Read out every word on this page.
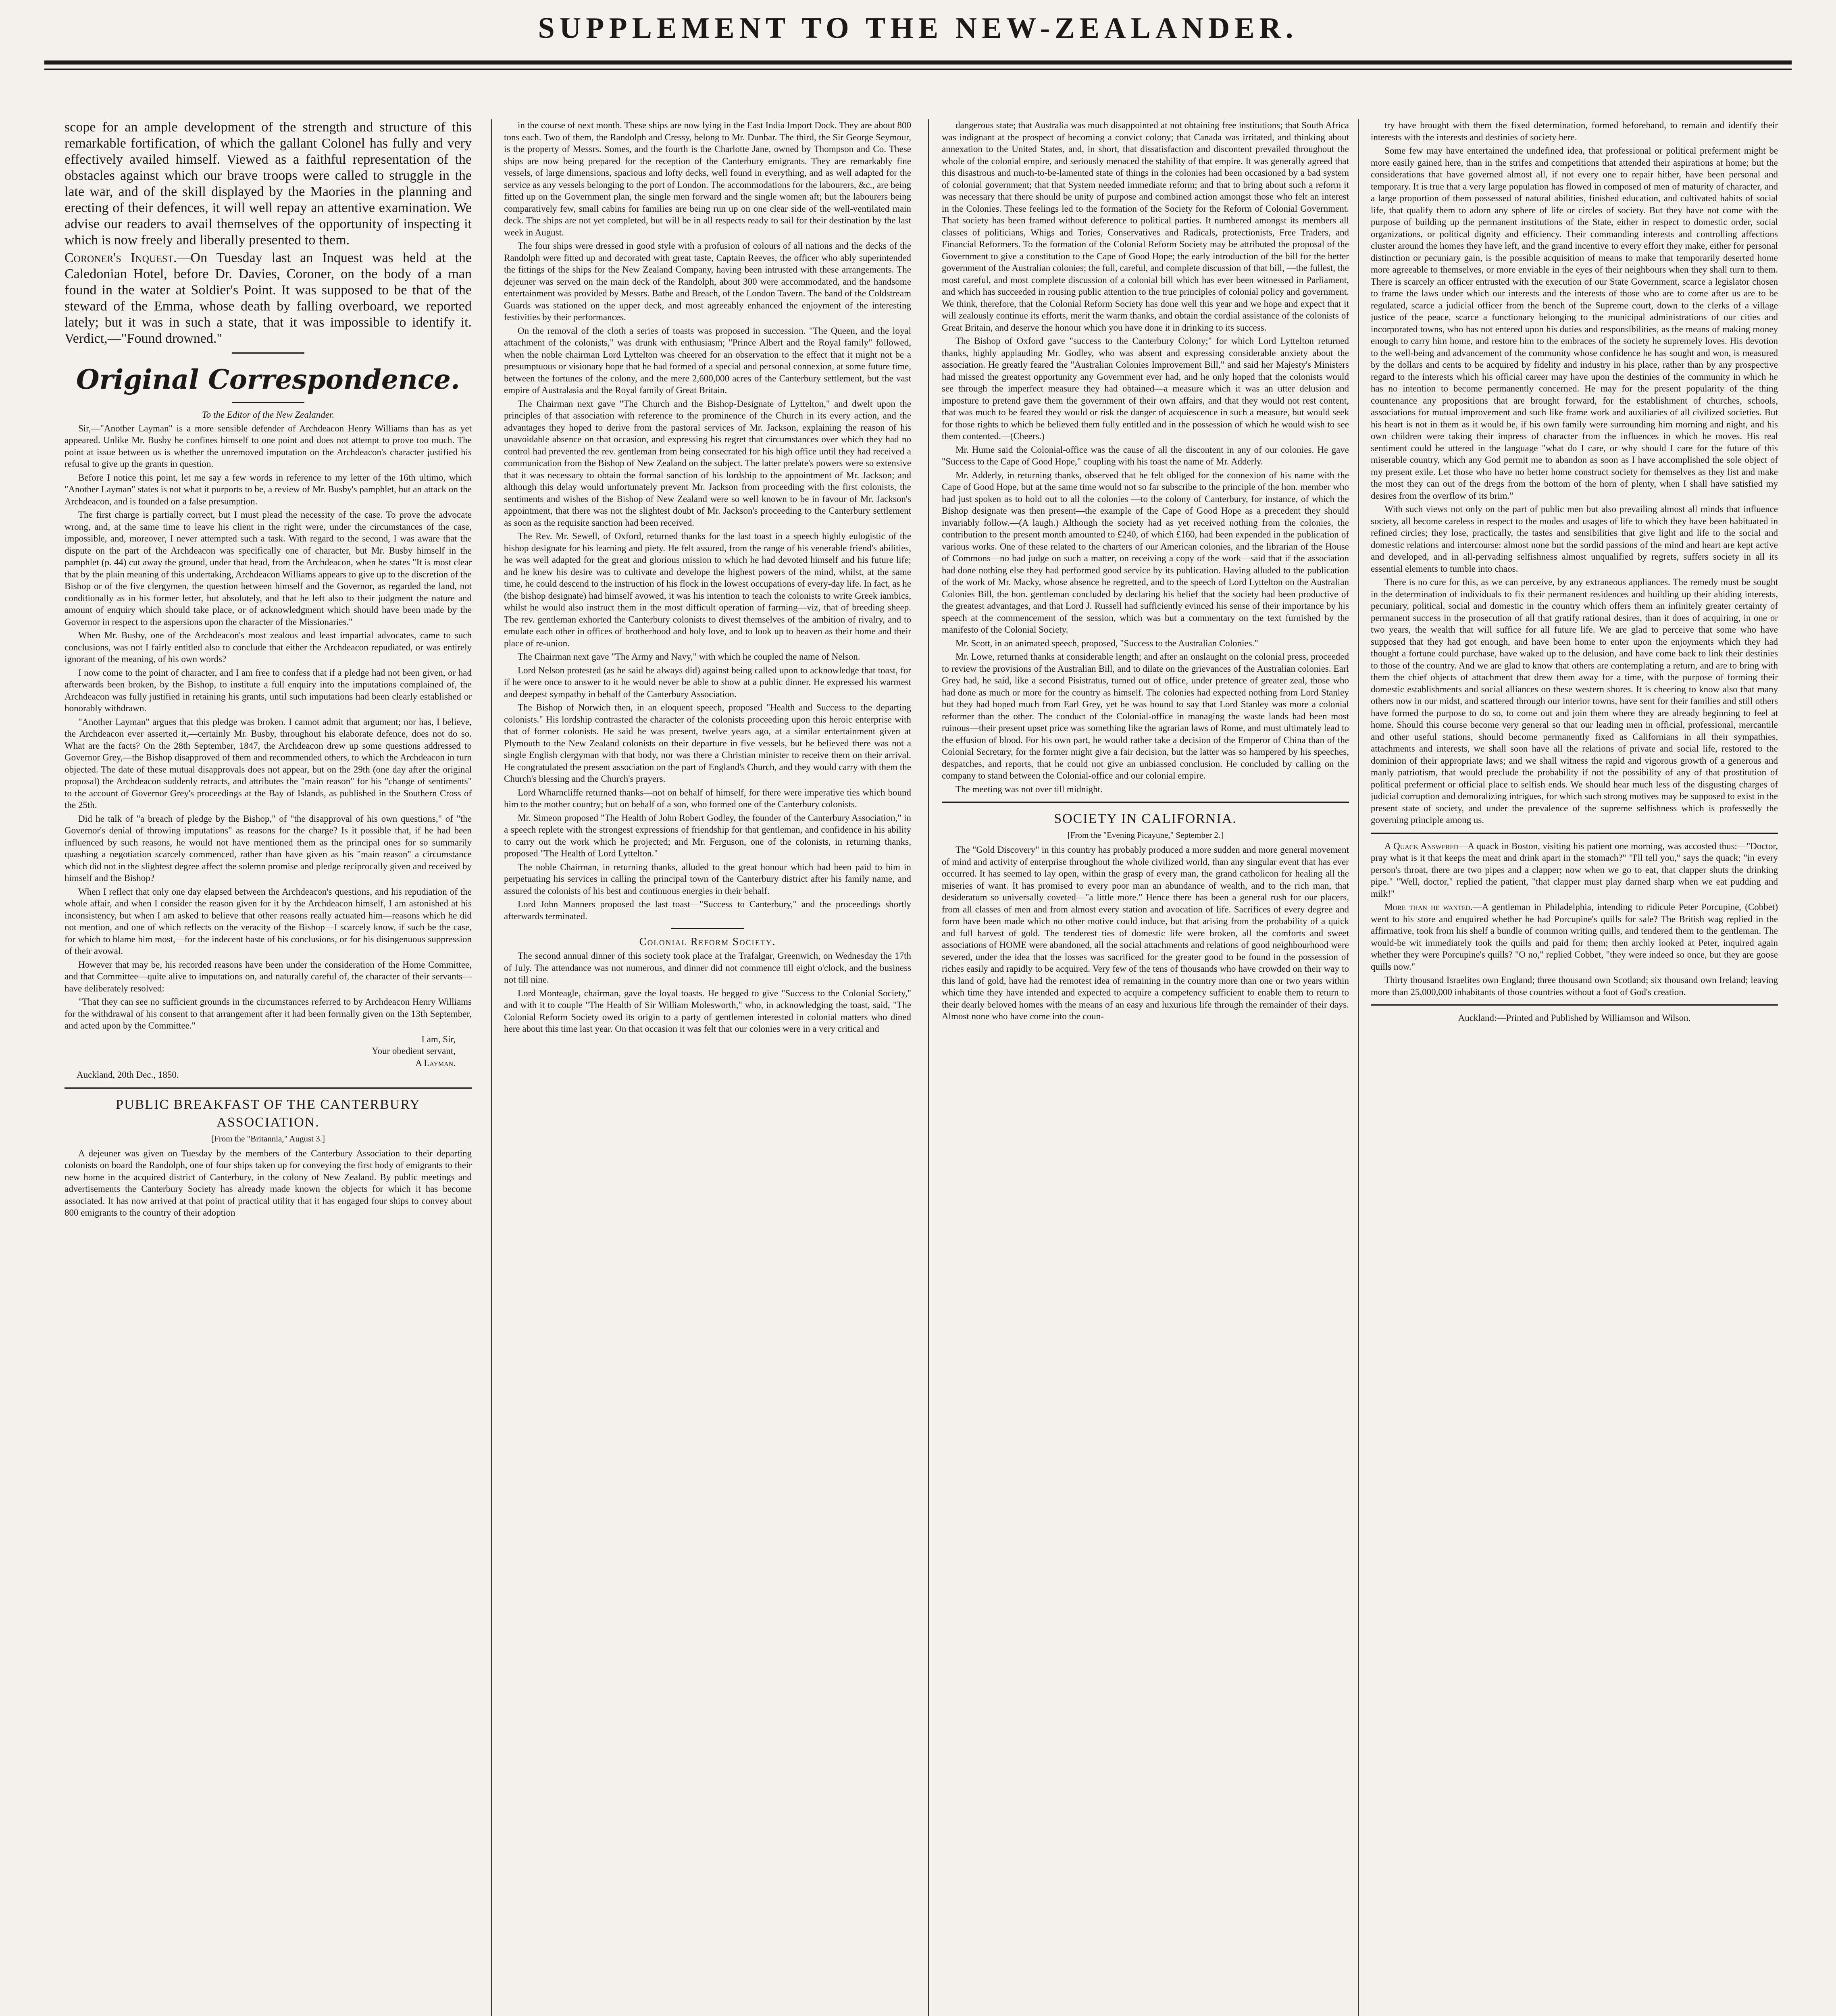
SUPPLEMENT TO THE NEW-ZEALANDER.

scope for an ample development of the strength and structure of this remarkable fortification, of which the gallant Colonel has fully and very effectively availed himself. Viewed as a faithful representation of the obstacles against which our brave troops were called to struggle in the late war, and of the skill displayed by the Maories in the planning and erecting of their defences, it will well repay an attentive examination. We advise our readers to avail themselves of the opportunity of inspecting it which is now freely and liberally presented to them.

Coroner's Inquest.—On Tuesday last an Inquest was held at the Caledonian Hotel, before Dr. Davies, Coroner, on the body of a man found in the water at Soldier's Point. It was supposed to be that of the steward of the Emma, whose death by falling overboard, we reported lately; but it was in such a state, that it was impossible to identify it. Verdict,—"Found drowned."

Original Correspondence.

To the Editor of the New Zealander.

Sir,—"Another Layman" is a more sensible defender of Archdeacon Henry Williams than has as yet appeared. Unlike Mr. Busby he confines himself to one point and does not attempt to prove too much. The point at issue between us is whether the unremoved imputation on the Archdeacon's character justified his refusal to give up the grants in question.

Before I notice this point, let me say a few words in reference to my letter of the 16th ultimo, which "Another Layman" states is not what it purports to be, a review of Mr. Busby's pamphlet, but an attack on the Archdeacon, and is founded on a false presumption.

The first charge is partially correct, but I must plead the necessity of the case. To prove the advocate wrong, and, at the same time to leave his client in the right were, under the circumstances of the case, impossible, and, moreover, I never attempted such a task. With regard to the second, I was aware that the dispute on the part of the Archdeacon was specifically one of character, but Mr. Busby himself in the pamphlet (p. 44) cut away the ground, under that head, from the Archdeacon, when he states "It is most clear that by the plain meaning of this undertaking, Archdeacon Williams appears to give up to the discretion of the Bishop or of the five clergymen, the question between himself and the Governor, as regarded the land, not conditionally as in his former letter, but absolutely, and that he left also to their judgment the nature and amount of enquiry which should take place, or of acknowledgment which should have been made by the Governor in respect to the aspersions upon the character of the Missionaries."

When Mr. Busby, one of the Archdeacon's most zealous and least impartial advocates, came to such conclusions, was not I fairly entitled also to conclude that either the Archdeacon repudiated, or was entirely ignorant of the meaning, of his own words?

I now come to the point of character, and I am free to confess that if a pledge had not been given, or had afterwards been broken, by the Bishop, to institute a full enquiry into the imputations complained of, the Archdeacon was fully justified in retaining his grants, until such imputations had been clearly established or honorably withdrawn.

"Another Layman" argues that this pledge was broken. I cannot admit that argument; nor has, I believe, the Archdeacon ever asserted it,—certainly Mr. Busby, throughout his elaborate defence, does not do so. What are the facts? On the 28th September, 1847, the Archdeacon drew up some questions addressed to Governor Grey,—the Bishop disapproved of them and recommended others, to which the Archdeacon in turn objected. The date of these mutual disapprovals does not appear, but on the 29th (one day after the original proposal) the Archdeacon suddenly retracts, and attributes the "main reason" for his "change of sentiments" to the account of Governor Grey's proceedings at the Bay of Islands, as published in the Southern Cross of the 25th.

Did he talk of "a breach of pledge by the Bishop," of "the disapproval of his own questions," of "the Governor's denial of throwing imputations" as reasons for the charge? Is it possible that, if he had been influenced by such reasons, he would not have mentioned them as the principal ones for so summarily quashing a negotiation scarcely commenced, rather than have given as his "main reason" a circumstance which did not in the slightest degree affect the solemn promise and pledge reciprocally given and received by himself and the Bishop?

When I reflect that only one day elapsed between the Archdeacon's questions, and his repudiation of the whole affair, and when I consider the reason given for it by the Archdeacon himself, I am astonished at his inconsistency, but when I am asked to believe that other reasons really actuated him—reasons which he did not mention, and one of which reflects on the veracity of the Bishop—I scarcely know, if such be the case, for which to blame him most,—for the indecent haste of his conclusions, or for his disingenuous suppression of their avowal.

However that may be, his recorded reasons have been under the consideration of the Home Committee, and that Committee—quite alive to imputations on, and naturally careful of, the character of their servants—have deliberately resolved:

"That they can see no sufficient grounds in the circumstances referred to by Archdeacon Henry Williams for the withdrawal of his consent to that arrangement after it had been formally given on the 13th September, and acted upon by the Committee."

I am, Sir,
Your obedient servant,
A Layman.
Auckland, 20th Dec., 1850.
PUBLIC BREAKFAST OF THE CANTERBURY ASSOCIATION.
[From the "Britannia," August 3.]

A dejeuner was given on Tuesday by the members of the Canterbury Association to their departing colonists on board the Randolph, one of four ships taken up for conveying the first body of emigrants to their new home in the acquired district of Canterbury, in the colony of New Zealand. By public meetings and advertisements the Canterbury Society has already made known the objects for which it has become associated. It has now arrived at that point of practical utility that it has engaged four ships to convey about 800 emigrants to the country of their adoption

in the course of next month. These ships are now lying in the East India Import Dock. They are about 800 tons each. Two of them, the Randolph and Cressy, belong to Mr. Dunbar. The third, the Sir George Seymour, is the property of Messrs. Somes, and the fourth is the Charlotte Jane, owned by Thompson and Co. These ships are now being prepared for the reception of the Canterbury emigrants. They are remarkably fine vessels, of large dimensions, spacious and lofty decks, well found in everything, and as well adapted for the service as any vessels belonging to the port of London. The accommodations for the labourers, &c., are being fitted up on the Government plan, the single men forward and the single women aft; but the labourers being comparatively few, small cabins for families are being run up on one clear side of the well-ventilated main deck. The ships are not yet completed, but will be in all respects ready to sail for their destination by the last week in August.

The four ships were dressed in good style with a profusion of colours of all nations and the decks of the Randolph were fitted up and decorated with great taste, Captain Reeves, the officer who ably superintended the fittings of the ships for the New Zealand Company, having been intrusted with these arrangements. The dejeuner was served on the main deck of the Randolph, about 300 were accommodated, and the handsome entertainment was provided by Messrs. Bathe and Breach, of the London Tavern. The band of the Coldstream Guards was stationed on the upper deck, and most agreeably enhanced the enjoyment of the interesting festivities by their performances.

On the removal of the cloth a series of toasts was proposed in succession. "The Queen, and the loyal attachment of the colonists," was drunk with enthusiasm; "Prince Albert and the Royal family" followed, when the noble chairman Lord Lyttelton was cheered for an observation to the effect that it might not be a presumptuous or visionary hope that he had formed of a special and personal connexion, at some future time, between the fortunes of the colony, and the mere 2,600,000 acres of the Canterbury settlement, but the vast empire of Australasia and the Royal family of Great Britain.

The Chairman next gave "The Church and the Bishop-Designate of Lyttelton," and dwelt upon the principles of that association with reference to the prominence of the Church in its every action, and the advantages they hoped to derive from the pastoral services of Mr. Jackson, explaining the reason of his unavoidable absence on that occasion, and expressing his regret that circumstances over which they had no control had prevented the rev. gentleman from being consecrated for his high office until they had received a communication from the Bishop of New Zealand on the subject. The latter prelate's powers were so extensive that it was necessary to obtain the formal sanction of his lordship to the appointment of Mr. Jackson; and although this delay would unfortunately prevent Mr. Jackson from proceeding with the first colonists, the sentiments and wishes of the Bishop of New Zealand were so well known to be in favour of Mr. Jackson's appointment, that there was not the slightest doubt of Mr. Jackson's proceeding to the Canterbury settlement as soon as the requisite sanction had been received.

The Rev. Mr. Sewell, of Oxford, returned thanks for the last toast in a speech highly eulogistic of the bishop designate for his learning and piety. He felt assured, from the range of his venerable friend's abilities, he was well adapted for the great and glorious mission to which he had devoted himself and his future life; and he knew his desire was to cultivate and develope the highest powers of the mind, whilst, at the same time, he could descend to the instruction of his flock in the lowest occupations of every-day life. In fact, as he (the bishop designate) had himself avowed, it was his intention to teach the colonists to write Greek iambics, whilst he would also instruct them in the most difficult operation of farming—viz, that of breeding sheep. The rev. gentleman exhorted the Canterbury colonists to divest themselves of the ambition of rivalry, and to emulate each other in offices of brotherhood and holy love, and to look up to heaven as their home and their place of re-union.

The Chairman next gave "The Army and Navy," with which he coupled the name of Nelson.

Lord Nelson protested (as he said he always did) against being called upon to acknowledge that toast, for if he were once to answer to it he would never be able to show at a public dinner. He expressed his warmest and deepest sympathy in behalf of the Canterbury Association.

The Bishop of Norwich then, in an eloquent speech, proposed "Health and Success to the departing colonists." His lordship contrasted the character of the colonists proceeding upon this heroic enterprise with that of former colonists. He said he was present, twelve years ago, at a similar entertainment given at Plymouth to the New Zealand colonists on their departure in five vessels, but he believed there was not a single English clergyman with that body, nor was there a Christian minister to receive them on their arrival. He congratulated the present association on the part of England's Church, and they would carry with them the Church's blessing and the Church's prayers.

Lord Wharncliffe returned thanks—not on behalf of himself, for there were imperative ties which bound him to the mother country; but on behalf of a son, who formed one of the Canterbury colonists.

Mr. Simeon proposed "The Health of John Robert Godley, the founder of the Canterbury Association," in a speech replete with the strongest expressions of friendship for that gentleman, and confidence in his ability to carry out the work which he projected; and Mr. Ferguson, one of the colonists, in returning thanks, proposed "The Health of Lord Lyttelton."

The noble Chairman, in returning thanks, alluded to the great honour which had been paid to him in perpetuating his services in calling the principal town of the Canterbury district after his family name, and assured the colonists of his best and continuous energies in their behalf.

Lord John Manners proposed the last toast—"Success to Canterbury," and the proceedings shortly afterwards terminated.

Colonial Reform Society.

The second annual dinner of this society took place at the Trafalgar, Greenwich, on Wednesday the 17th of July. The attendance was not numerous, and dinner did not commence till eight o'clock, and the business not till nine.

Lord Monteagle, chairman, gave the loyal toasts. He begged to give "Success to the Colonial Society," and with it to couple "The Health of Sir William Molesworth," who, in acknowledging the toast, said, "The Colonial Reform Society owed its origin to a party of gentlemen interested in colonial matters who dined here about this time last year. On that occasion it was felt that our colonies were in a very critical and

dangerous state; that Australia was much disappointed at not obtaining free institutions; that South Africa was indignant at the prospect of becoming a convict colony; that Canada was irritated, and thinking about annexation to the United States, and, in short, that dissatisfaction and discontent prevailed throughout the whole of the colonial empire, and seriously menaced the stability of that empire. It was generally agreed that this disastrous and much-to-be-lamented state of things in the colonies had been occasioned by a bad system of colonial government; that that System needed immediate reform; and that to bring about such a reform it was necessary that there should be unity of purpose and combined action amongst those who felt an interest in the Colonies. These feelings led to the formation of the Society for the Reform of Colonial Government. That society has been framed without deference to political parties. It numbered amongst its members all classes of politicians, Whigs and Tories, Conservatives and Radicals, protectionists, Free Traders, and Financial Reformers. To the formation of the Colonial Reform Society may be attributed the proposal of the Government to give a constitution to the Cape of Good Hope; the early introduction of the bill for the better government of the Australian colonies; the full, careful, and complete discussion of that bill, —the fullest, the most careful, and most complete discussion of a colonial bill which has ever been witnessed in Parliament, and which has succeeded in rousing public attention to the true principles of colonial policy and government. We think, therefore, that the Colonial Reform Society has done well this year and we hope and expect that it will zealously continue its efforts, merit the warm thanks, and obtain the cordial assistance of the colonists of Great Britain, and deserve the honour which you have done it in drinking to its success.

The Bishop of Oxford gave "success to the Canterbury Colony;" for which Lord Lyttelton returned thanks, highly applauding Mr. Godley, who was absent and expressing considerable anxiety about the association. He greatly feared the "Australian Colonies Improvement Bill," and said her Majesty's Ministers had missed the greatest opportunity any Government ever had, and he only hoped that the colonists would see through the imperfect measure they had obtained—a measure which it was an utter delusion and imposture to pretend gave them the government of their own affairs, and that they would not rest content, that was much to be feared they would or risk the danger of acquiescence in such a measure, but would seek for those rights to which be believed them fully entitled and in the possession of which he would wish to see them contented.—(Cheers.)

Mr. Hume said the Colonial-office was the cause of all the discontent in any of our colonies. He gave "Success to the Cape of Good Hope," coupling with his toast the name of Mr. Adderly.

Mr. Adderly, in returning thanks, observed that he felt obliged for the connexion of his name with the Cape of Good Hope, but at the same time would not so far subscribe to the principle of the hon. member who had just spoken as to hold out to all the colonies —to the colony of Canterbury, for instance, of which the Bishop designate was then present—the example of the Cape of Good Hope as a precedent they should invariably follow.—(A laugh.) Although the society had as yet received nothing from the colonies, the contribution to the present month amounted to £240, of which £160, had been expended in the publication of various works. One of these related to the charters of our American colonies, and the librarian of the House of Commons—no bad judge on such a matter, on receiving a copy of the work—said that if the association had done nothing else they had performed good service by its publication. Having alluded to the publication of the work of Mr. Macky, whose absence he regretted, and to the speech of Lord Lyttelton on the Australian Colonies Bill, the hon. gentleman concluded by declaring his belief that the society had been productive of the greatest advantages, and that Lord J. Russell had sufficiently evinced his sense of their importance by his speech at the commencement of the session, which was but a commentary on the text furnished by the manifesto of the Colonial Society.

Mr. Scott, in an animated speech, proposed, "Success to the Australian Colonies."

Mr. Lowe, returned thanks at considerable length; and after an onslaught on the colonial press, proceeded to review the provisions of the Australian Bill, and to dilate on the grievances of the Australian colonies. Earl Grey had, he said, like a second Pisistratus, turned out of office, under pretence of greater zeal, those who had done as much or more for the country as himself. The colonies had expected nothing from Lord Stanley but they had hoped much from Earl Grey, yet he was bound to say that Lord Stanley was more a colonial reformer than the other. The conduct of the Colonial-office in managing the waste lands had been most ruinous—their present upset price was something like the agrarian laws of Rome, and must ultimately lead to the effusion of blood. For his own part, he would rather take a decision of the Emperor of China than of the Colonial Secretary, for the former might give a fair decision, but the latter was so hampered by his speeches, despatches, and reports, that he could not give an unbiassed conclusion. He concluded by calling on the company to stand between the Colonial-office and our colonial empire.

The meeting was not over till midnight.

SOCIETY IN CALIFORNIA.
[From the "Evening Picayune," September 2.]

The "Gold Discovery" in this country has probably produced a more sudden and more general movement of mind and activity of enterprise throughout the whole civilized world, than any singular event that has ever occurred. It has seemed to lay open, within the grasp of every man, the grand catholicon for healing all the miseries of want. It has promised to every poor man an abundance of wealth, and to the rich man, that desideratum so universally coveted—"a little more." Hence there has been a general rush for our placers, from all classes of men and from almost every station and avocation of life. Sacrifices of every degree and form have been made which no other motive could induce, but that arising from the probability of a quick and full harvest of gold. The tenderest ties of domestic life were broken, all the comforts and sweet associations of HOME were abandoned, all the social attachments and relations of good neighbourhood were severed, under the idea that the losses was sacrificed for the greater good to be found in the possession of riches easily and rapidly to be acquired. Very few of the tens of thousands who have crowded on their way to this land of gold, have had the remotest idea of remaining in the country more than one or two years within which time they have intended and expected to acquire a competency sufficient to enable them to return to their dearly beloved homes with the means of an easy and luxurious life through the remainder of their days. Almost none who have come into the coun-

try have brought with them the fixed determination, formed beforehand, to remain and identify their interests with the interests and destinies of society here.

Some few may have entertained the undefined idea, that professional or political preferment might be more easily gained here, than in the strifes and competitions that attended their aspirations at home; but the considerations that have governed almost all, if not every one to repair hither, have been personal and temporary. It is true that a very large population has flowed in composed of men of maturity of character, and a large proportion of them possessed of natural abilities, finished education, and cultivated habits of social life, that qualify them to adorn any sphere of life or circles of society. But they have not come with the purpose of building up the permanent institutions of the State, either in respect to domestic order, social organizations, or political dignity and efficiency. Their commanding interests and controlling affections cluster around the homes they have left, and the grand incentive to every effort they make, either for personal distinction or pecuniary gain, is the possible acquisition of means to make that temporarily deserted home more agreeable to themselves, or more enviable in the eyes of their neighbours when they shall turn to them. There is scarcely an officer entrusted with the execution of our State Government, scarce a legislator chosen to frame the laws under which our interests and the interests of those who are to come after us are to be regulated, scarce a judicial officer from the bench of the Supreme court, down to the clerks of a village justice of the peace, scarce a functionary belonging to the municipal administrations of our cities and incorporated towns, who has not entered upon his duties and responsibilities, as the means of making money enough to carry him home, and restore him to the embraces of the society he supremely loves. His devotion to the well-being and advancement of the community whose confidence he has sought and won, is measured by the dollars and cents to be acquired by fidelity and industry in his place, rather than by any prospective regard to the interests which his official career may have upon the destinies of the community in which he has no intention to become permanently concerned. He may for the present popularity of the thing countenance any propositions that are brought forward, for the establishment of churches, schools, associations for mutual improvement and such like frame work and auxiliaries of all civilized societies. But his heart is not in them as it would be, if his own family were surrounding him morning and night, and his own children were taking their impress of character from the influences in which he moves. His real sentiment could be uttered in the language "what do I care, or why should I care for the future of this miserable country, which any God permit me to abandon as soon as I have accomplished the sole object of my present exile. Let those who have no better home construct society for themselves as they list and make the most they can out of the dregs from the bottom of the horn of plenty, when I shall have satisfied my desires from the overflow of its brim."

With such views not only on the part of public men but also prevailing almost all minds that influence society, all become careless in respect to the modes and usages of life to which they have been habituated in refined circles; they lose, practically, the tastes and sensibilities that give light and life to the social and domestic relations and intercourse: almost none but the sordid passions of the mind and heart are kept active and developed, and in all-pervading selfishness almost unqualified by regrets, suffers society in all its essential elements to tumble into chaos.

There is no cure for this, as we can perceive, by any extraneous appliances. The remedy must be sought in the determination of individuals to fix their permanent residences and building up their abiding interests, pecuniary, political, social and domestic in the country which offers them an infinitely greater certainty of permanent success in the prosecution of all that gratify rational desires, than it does of acquiring, in one or two years, the wealth that will suffice for all future life. We are glad to perceive that some who have supposed that they had got enough, and have been home to enter upon the enjoyments which they had thought a fortune could purchase, have waked up to the delusion, and have come back to link their destinies to those of the country. And we are glad to know that others are contemplating a return, and are to bring with them the chief objects of attachment that drew them away for a time, with the purpose of forming their domestic establishments and social alliances on these western shores. It is cheering to know also that many others now in our midst, and scattered through our interior towns, have sent for their families and still others have formed the purpose to do so, to come out and join them where they are already beginning to feel at home. Should this course become very general so that our leading men in official, professional, mercantile and other useful stations, should become permanently fixed as Californians in all their sympathies, attachments and interests, we shall soon have all the relations of private and social life, restored to the dominion of their appropriate laws; and we shall witness the rapid and vigorous growth of a generous and manly patriotism, that would preclude the probability if not the possibility of any of that prostitution of political preferment or official place to selfish ends. We should hear much less of the disgusting charges of judicial corruption and demoralizing intrigues, for which such strong motives may be supposed to exist in the present state of society, and under the prevalence of the supreme selfishness which is professedly the governing principle among us.

A Quack Answered—A quack in Boston, visiting his patient one morning, was accosted thus:—"Doctor, pray what is it that keeps the meat and drink apart in the stomach?" "I'll tell you," says the quack; "in every person's throat, there are two pipes and a clapper; now when we go to eat, that clapper shuts the drinking pipe." "Well, doctor," replied the patient, "that clapper must play darned sharp when we eat pudding and milk!"

More than he wanted.—A gentleman in Philadelphia, intending to ridicule Peter Porcupine, (Cobbet) went to his store and enquired whether he had Porcupine's quills for sale? The British wag replied in the affirmative, took from his shelf a bundle of common writing quills, and tendered them to the gentleman. The would-be wit immediately took the quills and paid for them; then archly looked at Peter, inquired again whether they were Porcupine's quills? "O no," replied Cobbet, "they were indeed so once, but they are goose quills now."

Thirty thousand Israelites own England; three thousand own Scotland; six thousand own Ireland; leaving more than 25,000,000 inhabitants of those countries without a foot of God's creation.

Auckland:—Printed and Published by Williamson and Wilson.
